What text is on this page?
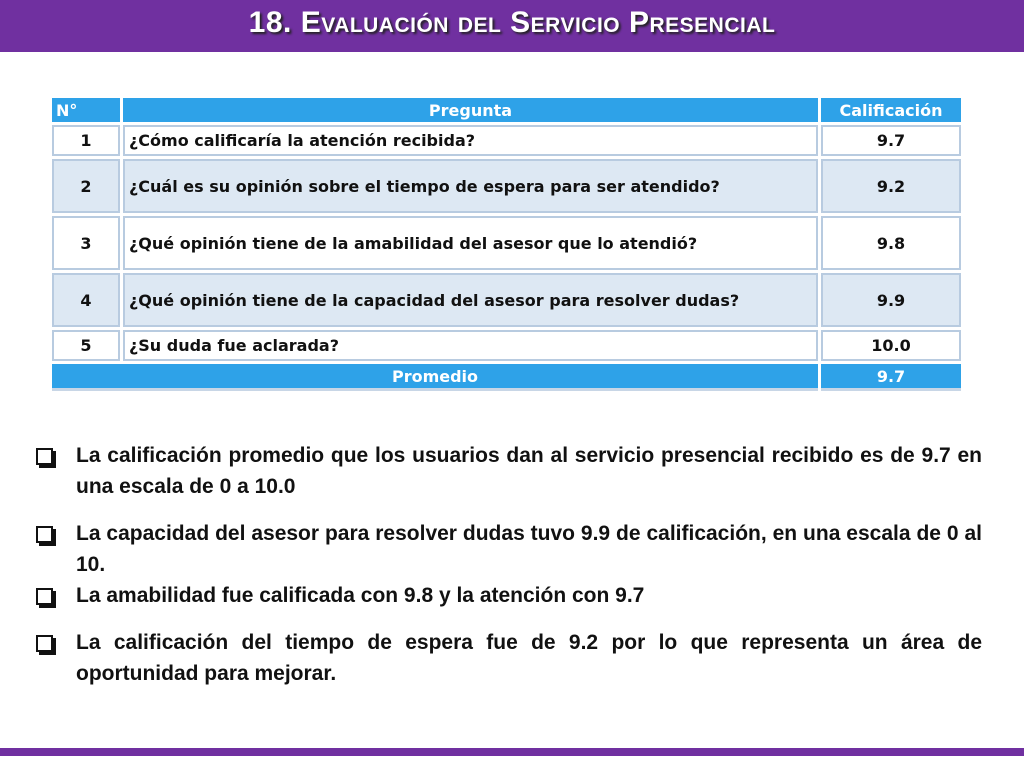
18. Evaluación del Servicio Presencial
N°	Pregunta	Calificación
1	¿Cómo calificaría la atención recibida?	9.7
2	¿Cuál es su opinión sobre el tiempo de espera para ser atendido?	9.2
3	¿Qué opinión tiene de la amabilidad del asesor que lo atendió?	9.8
4	¿Qué opinión tiene de la capacidad del asesor para resolver dudas?	9.9
5	¿Su duda fue aclarada?	10.0
Promedio		9.7
La calificación promedio que los usuarios dan al servicio presencial recibido es de 9.7 en una escala de 0 a 10.0
La capacidad del asesor para resolver dudas tuvo 9.9 de calificación, en una escala de 0 al 10.
La amabilidad fue calificada con 9.8 y la atención con 9.7
La calificación del tiempo de espera fue de 9.2 por lo que representa un área de oportunidad para mejorar.
